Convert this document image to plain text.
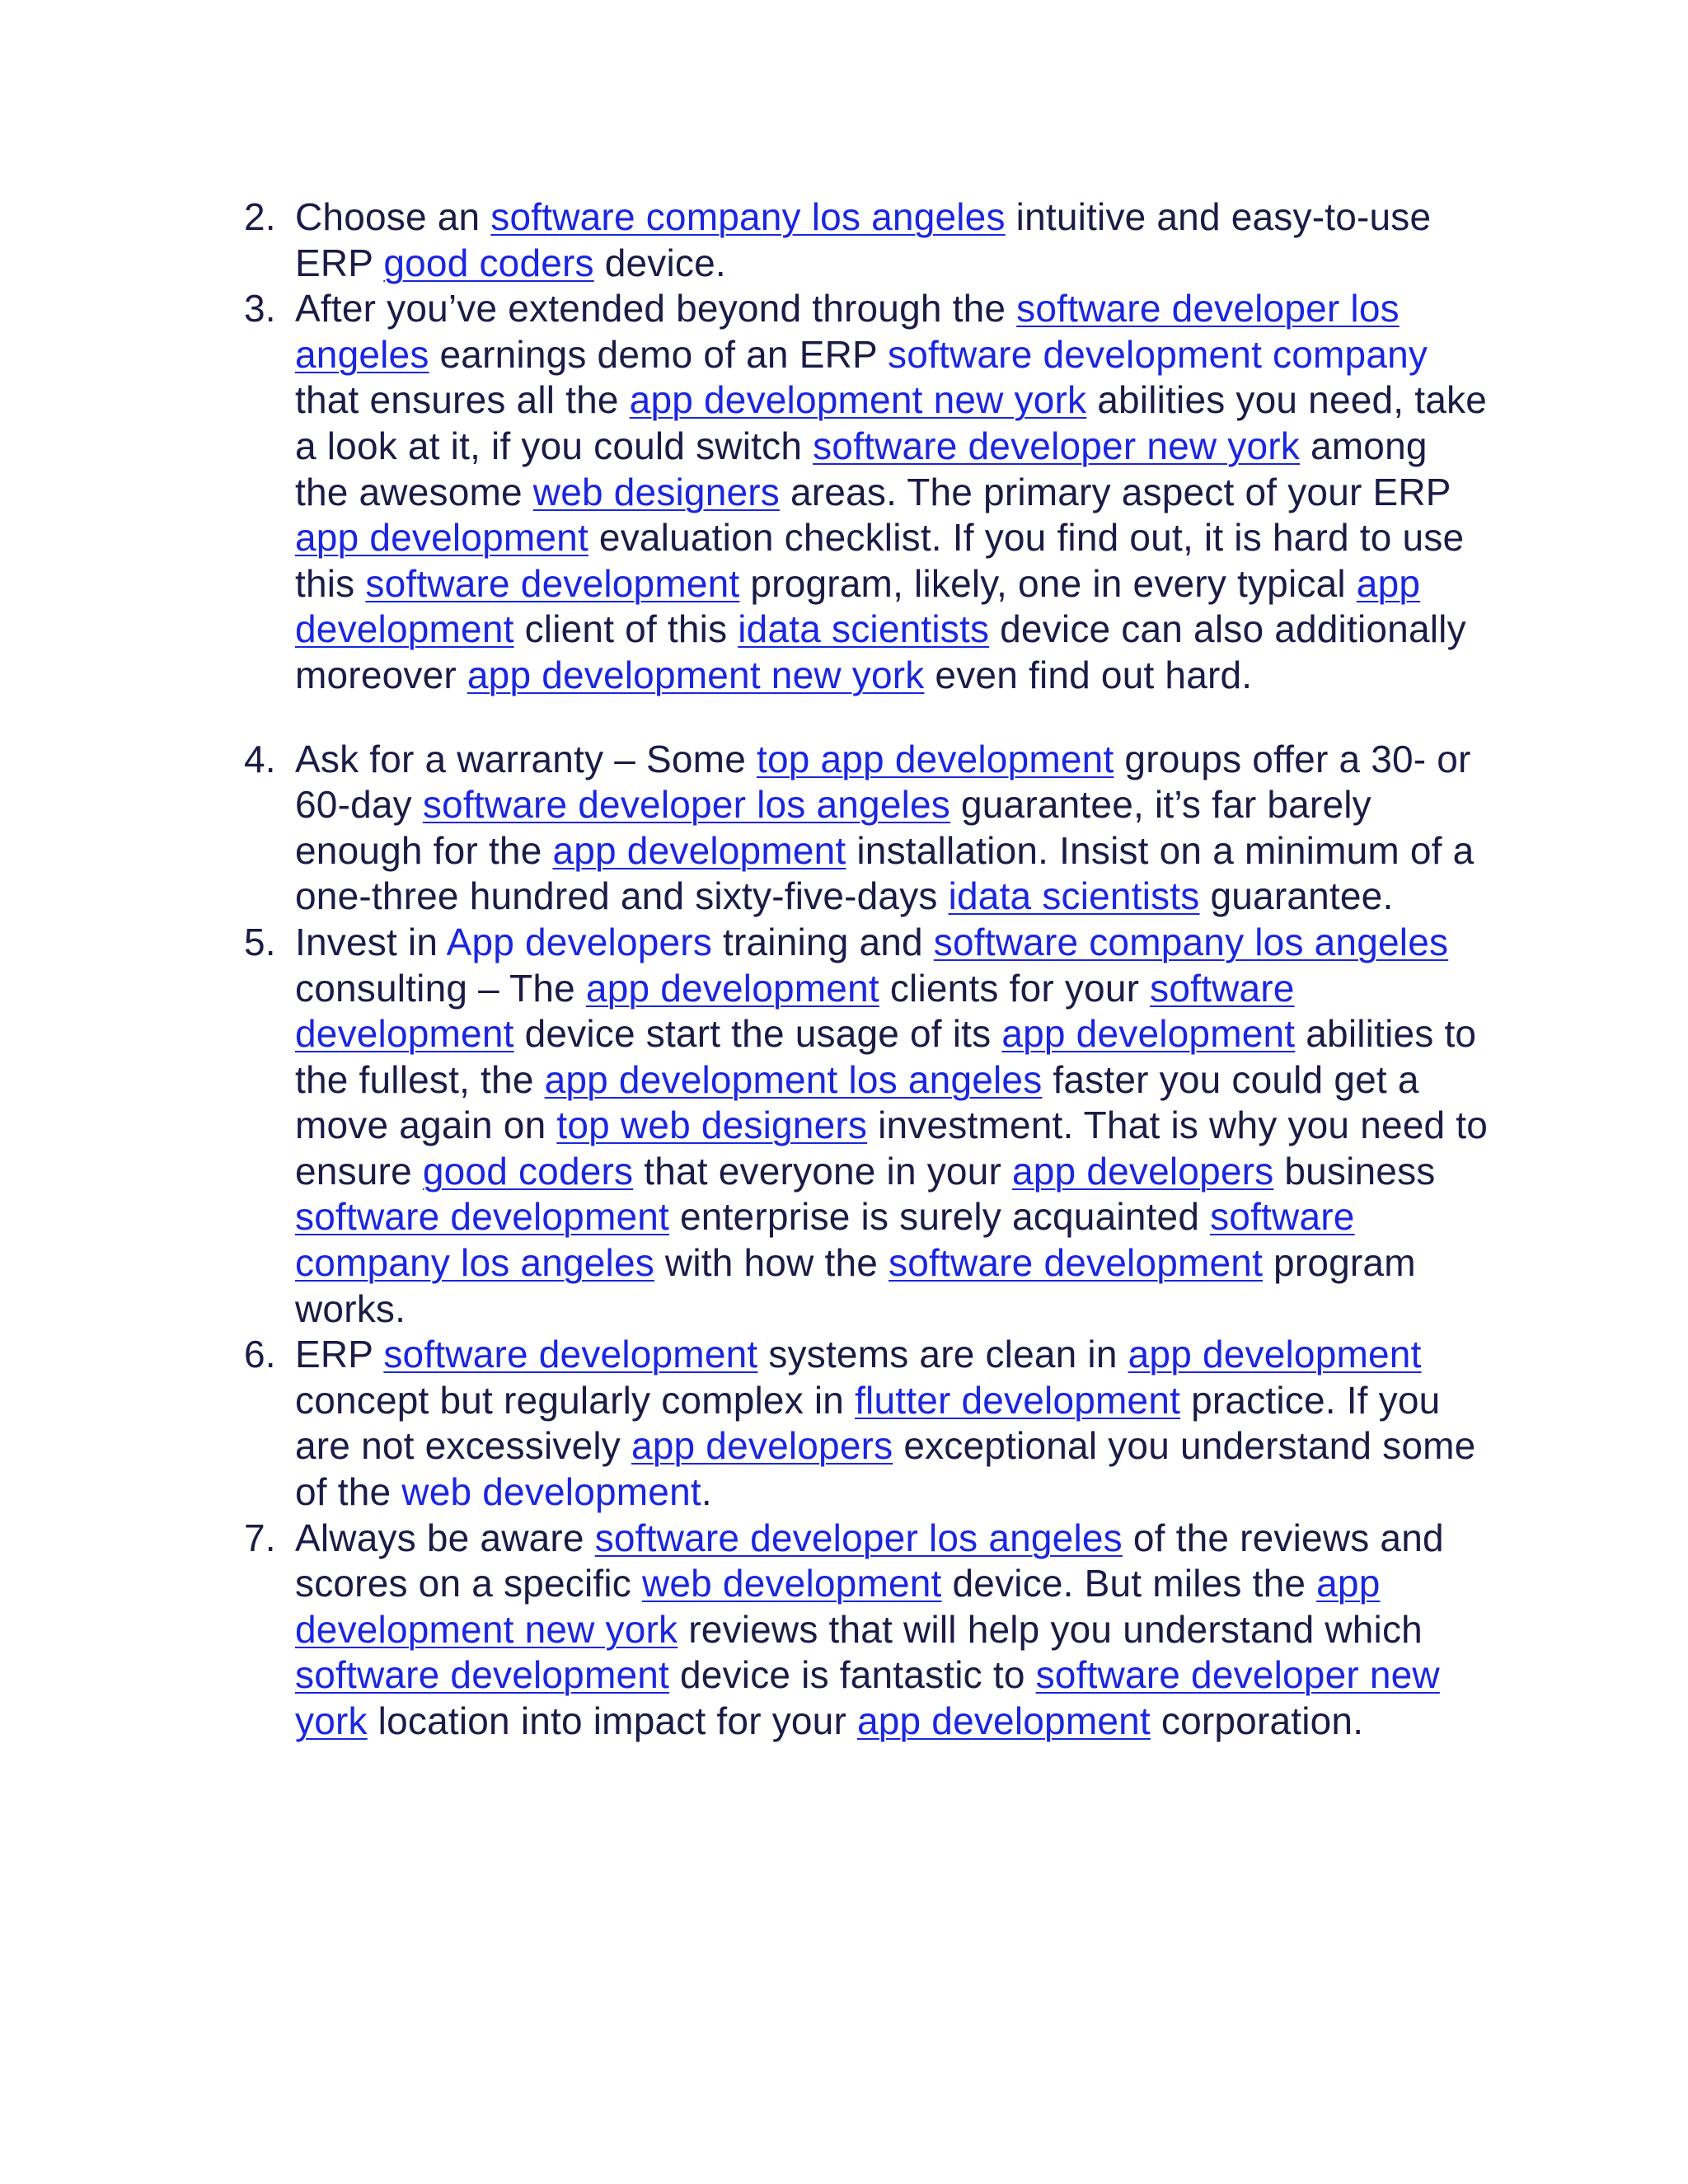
2. Choose an software company los angeles intuitive and easy-to-use ERP good coders device.
3. After you’ve extended beyond through the software developer los angeles earnings demo of an ERP software development company that ensures all the app development new york abilities you need, take a look at it, if you could switch software developer new york among the awesome web designers areas. The primary aspect of your ERP app development evaluation checklist. If you find out, it is hard to use this software development program, likely, one in every typical app development client of this idata scientists device can also additionally moreover app development new york even find out hard.
4. Ask for a warranty – Some top app development groups offer a 30- or 60-day software developer los angeles guarantee, it’s far barely enough for the app development installation. Insist on a minimum of a one-three hundred and sixty-five-days idata scientists guarantee.
5. Invest in App developers training and software company los angeles consulting – The app development clients for your software development device start the usage of its app development abilities to the fullest, the app development los angeles faster you could get a move again on top web designers investment. That is why you need to ensure good coders that everyone in your app developers business software development enterprise is surely acquainted software company los angeles with how the software development program works.
6. ERP software development systems are clean in app development concept but regularly complex in flutter development practice. If you are not excessively app developers exceptional you understand some of the web development.
7. Always be aware software developer los angeles of the reviews and scores on a specific web development device. But miles the app development new york reviews that will help you understand which software development device is fantastic to software developer new york location into impact for your app development corporation.
